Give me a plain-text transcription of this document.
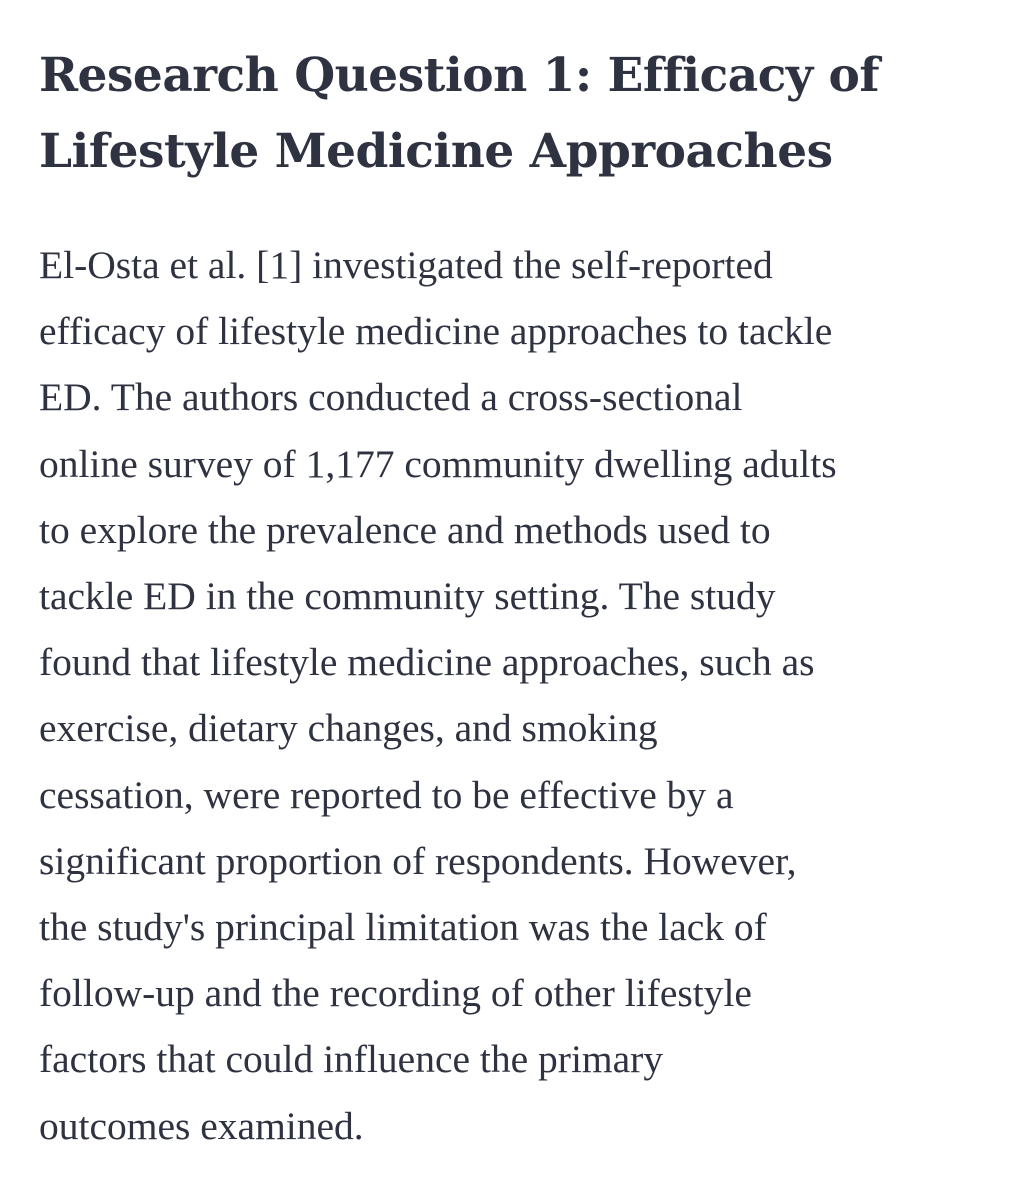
Research Question 1: Efficacy of Lifestyle Medicine Approaches

El-Osta et al. [1] investigated the self-reported
efficacy of lifestyle medicine approaches to tackle
ED. The authors conducted a cross-sectional
online survey of 1,177 community dwelling adults
to explore the prevalence and methods used to
tackle ED in the community setting. The study
found that lifestyle medicine approaches, such as
exercise, dietary changes, and smoking
cessation, were reported to be effective by a
significant proportion of respondents. However,
the study's principal limitation was the lack of
follow-up and the recording of other lifestyle
factors that could influence the primary
outcomes examined.
